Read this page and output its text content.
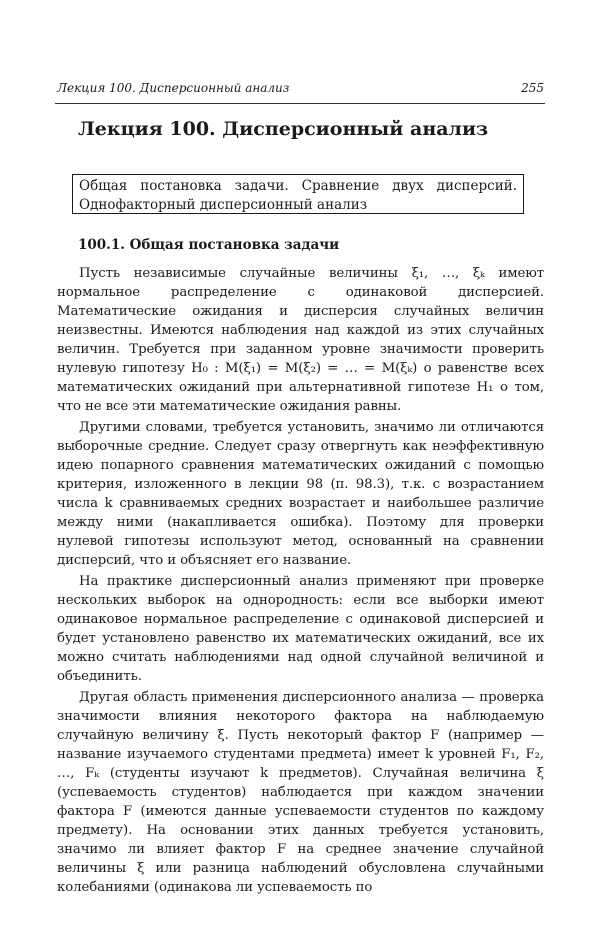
Лекция 100. Дисперсионный анализ	255
Лекция 100. Дисперсионный анализ
Общая постановка задачи. Сравнение двух дисперсий. Однофакторный дисперсионный анализ
100.1. Общая постановка задачи

Пусть независимые случайные величины ξ₁, …, ξₖ имеют нормальное распределение с одинаковой дисперсией. Математические ожидания и дисперсия случайных величин неизвестны. Имеются наблюдения над каждой из этих случайных величин. Требуется при заданном уровне значимости проверить нулевую гипотезу H₀ : M(ξ₁) = M(ξ₂) = … = M(ξₖ) о равенстве всех математических ожиданий при альтернативной гипотезе H₁ о том, что не все эти математические ожидания равны.

Другими словами, требуется установить, значимо ли отличаются выборочные средние. Следует сразу отвергнуть как неэффективную идею попарного сравнения математических ожиданий с помощью критерия, изложенного в лекции 98 (п. 98.3), т.к. с возрастанием числа k сравниваемых средних возрастает и наибольшее различие между ними (накапливается ошибка). Поэтому для проверки нулевой гипотезы используют метод, основанный на сравнении дисперсий, что и объясняет его название.

На практике дисперсионный анализ применяют при проверке нескольких выборок на однородность: если все выборки имеют одинаковое нормальное распределение с одинаковой дисперсией и будет установлено равенство их математических ожиданий, все их можно считать наблюдениями над одной случайной величиной и объединить.

Другая область применения дисперсионного анализа — проверка значимости влияния некоторого фактора на наблюдаемую случайную величину ξ. Пусть некоторый фактор F (например — название изучаемого студентами предмета) имеет k уровней F₁, F₂, …, Fₖ (студенты изучают k предметов). Случайная величина ξ (успеваемость студентов) наблюдается при каждом значении фактора F (имеются данные успеваемости студентов по каждому предмету). На основании этих данных требуется установить, значимо ли влияет фактор F на среднее значение случайной величины ξ или разница наблюдений обусловлена случайными колебаниями (одинакова ли успеваемость по
